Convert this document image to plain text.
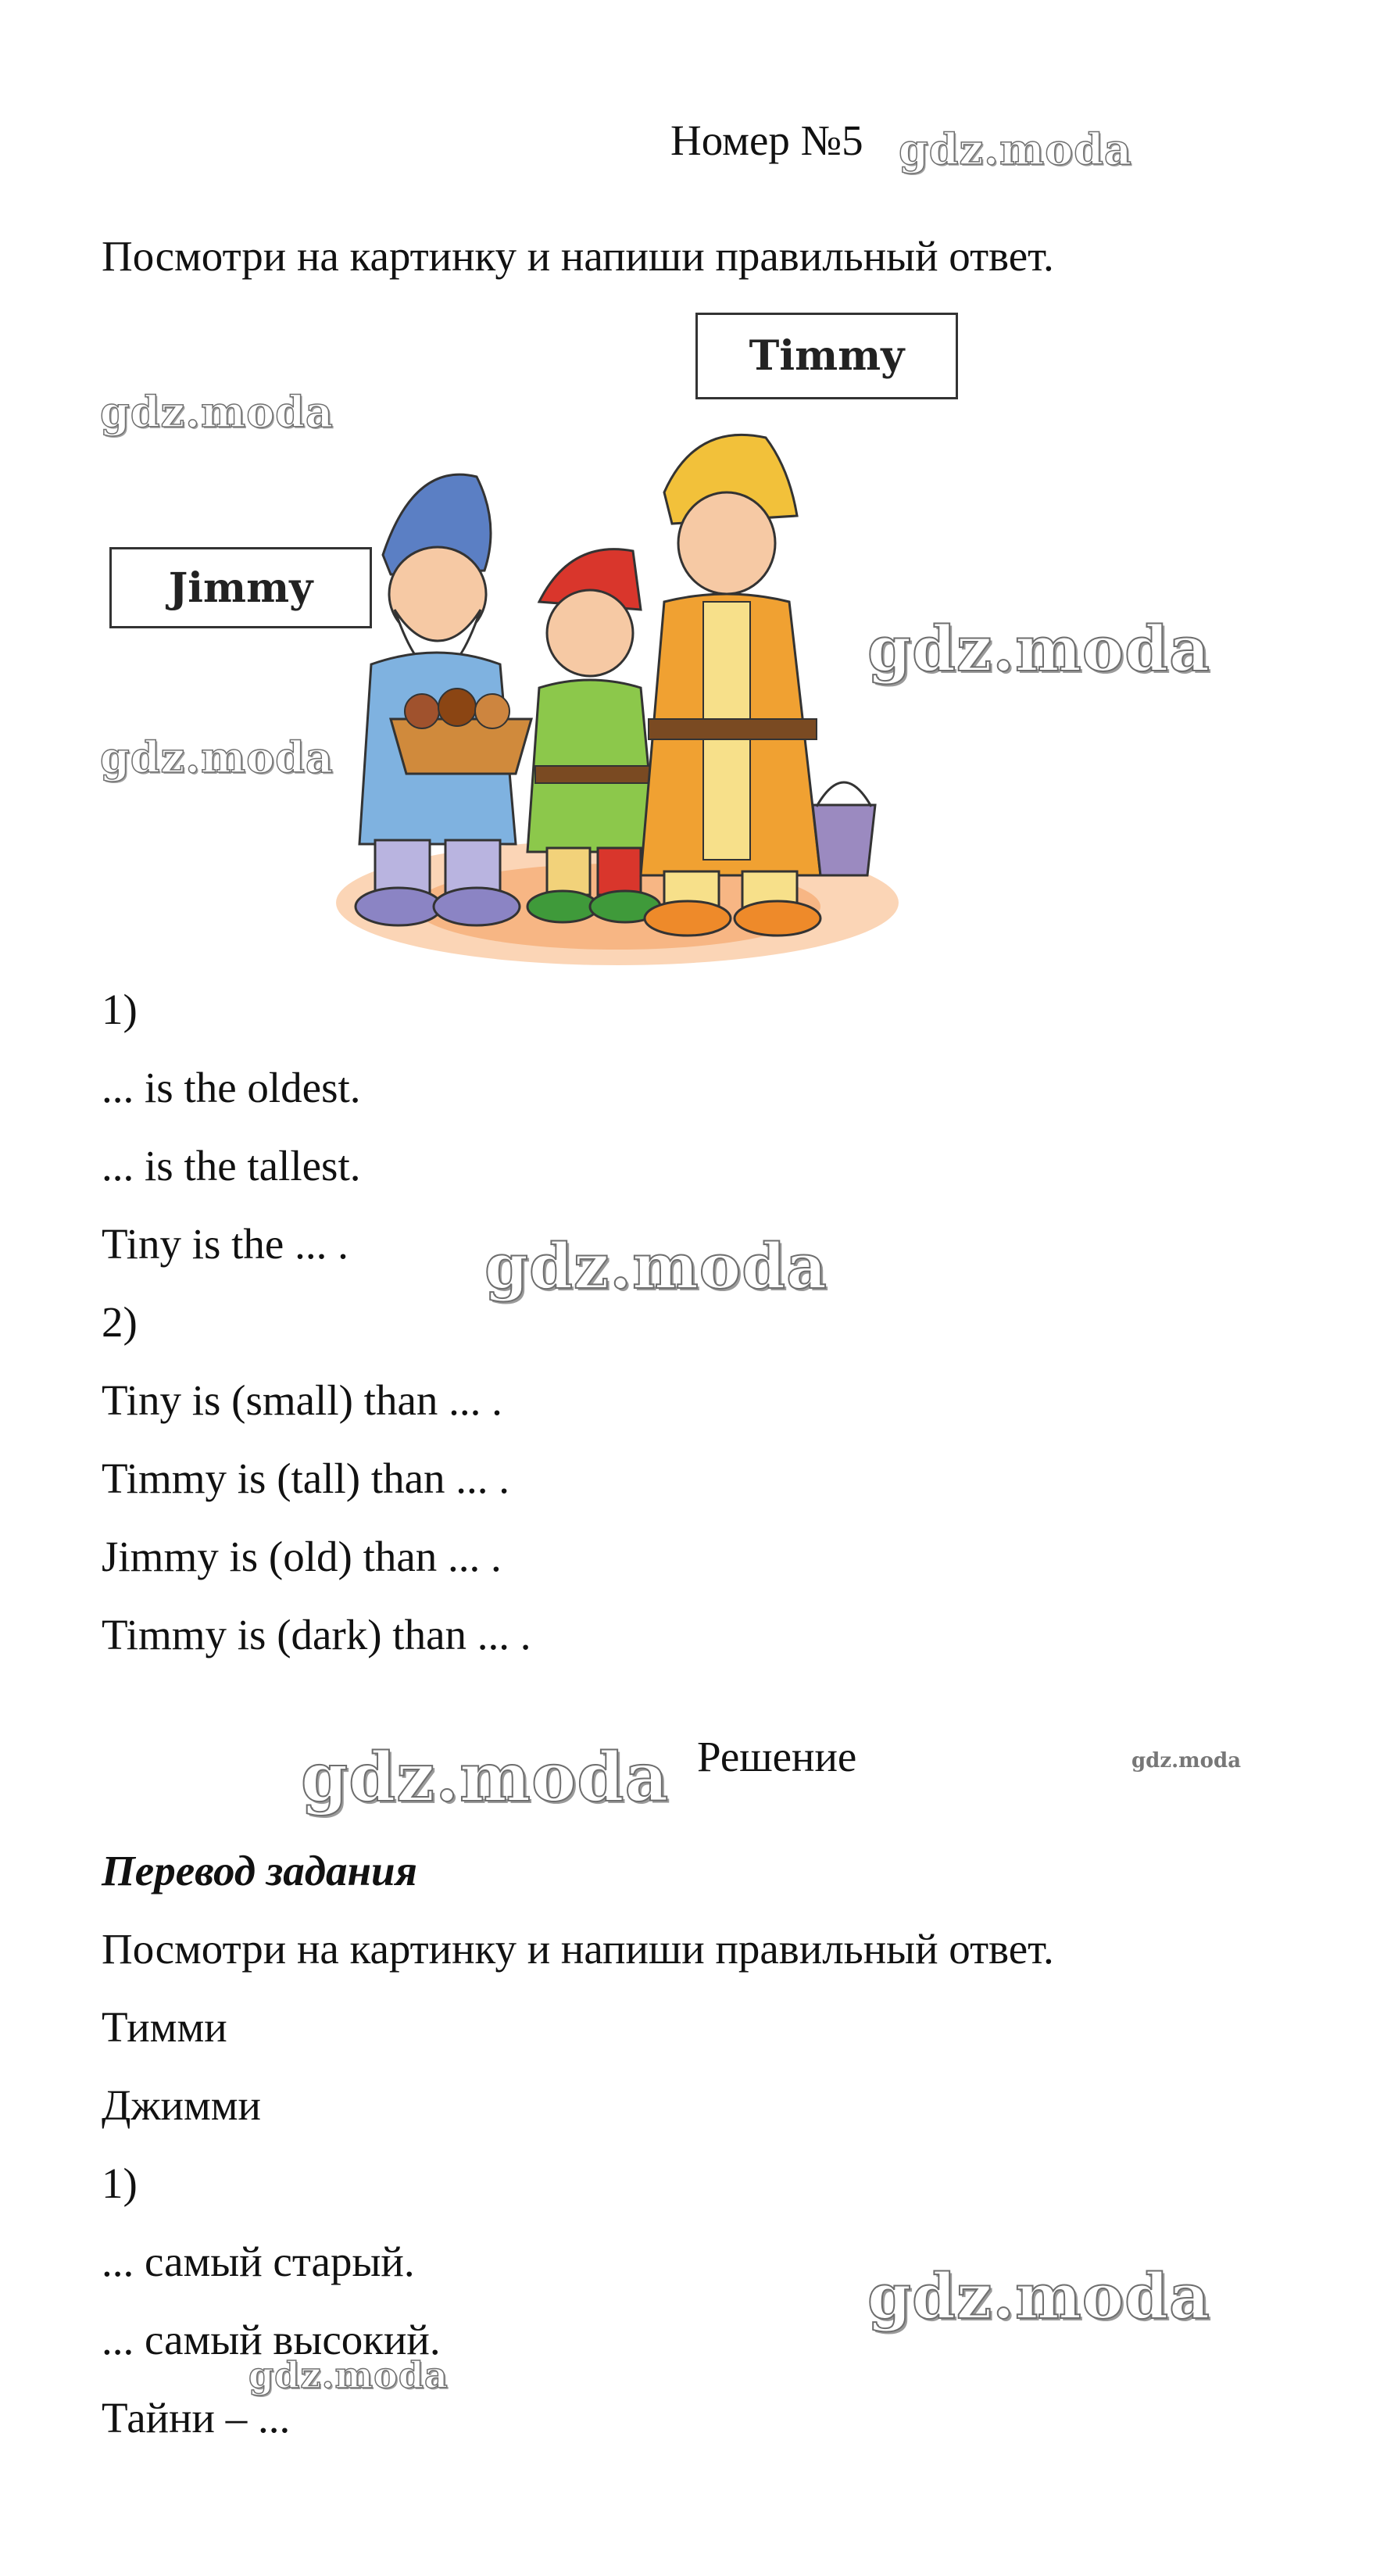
Номер №5 gdz.moda
Посмотри на картинку и напиши правильный ответ.
Timmy
Jimmy
gdz.moda
gdz.moda
gdz.moda
1)
... is the oldest.
... is the tallest.
Tiny is the ... . gdz.moda
2)
Tiny is (small) than ... .
Timmy is (tall) than ... .
Jimmy is (old) than ... .
Timmy is (dark) than ... .
gdz.moda Решение	gdz.moda
Перевод задания
Посмотри на картинку и напиши правильный ответ.
Тимми
Джимми
1)
... самый старый.	gdz.moda
... самый высокий.
gdz.moda
Тайни – ...
